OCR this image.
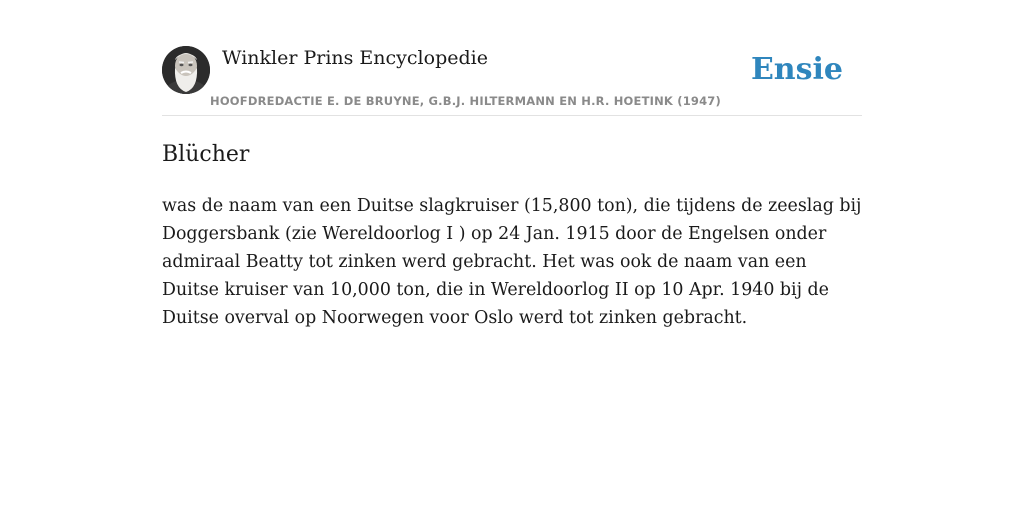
Winkler Prins Encyclopedie
HOOFDREDACTIE E. DE BRUYNE, G.B.J. HILTERMANN EN H.R. HOETINK (1947)
Ensie
Blücher

was de naam van een Duitse slagkruiser (15,800 ton), die tijdens de zeeslag bij Doggersbank (zie Wereldoorlog I ) op 24 Jan. 1915 door de Engelsen onder admiraal Beatty tot zinken werd gebracht. Het was ook de naam van een Duitse kruiser van 10,000 ton, die in Wereldoorlog II op 10 Apr. 1940 bij de Duitse overval op Noorwegen voor Oslo werd tot zinken gebracht.
